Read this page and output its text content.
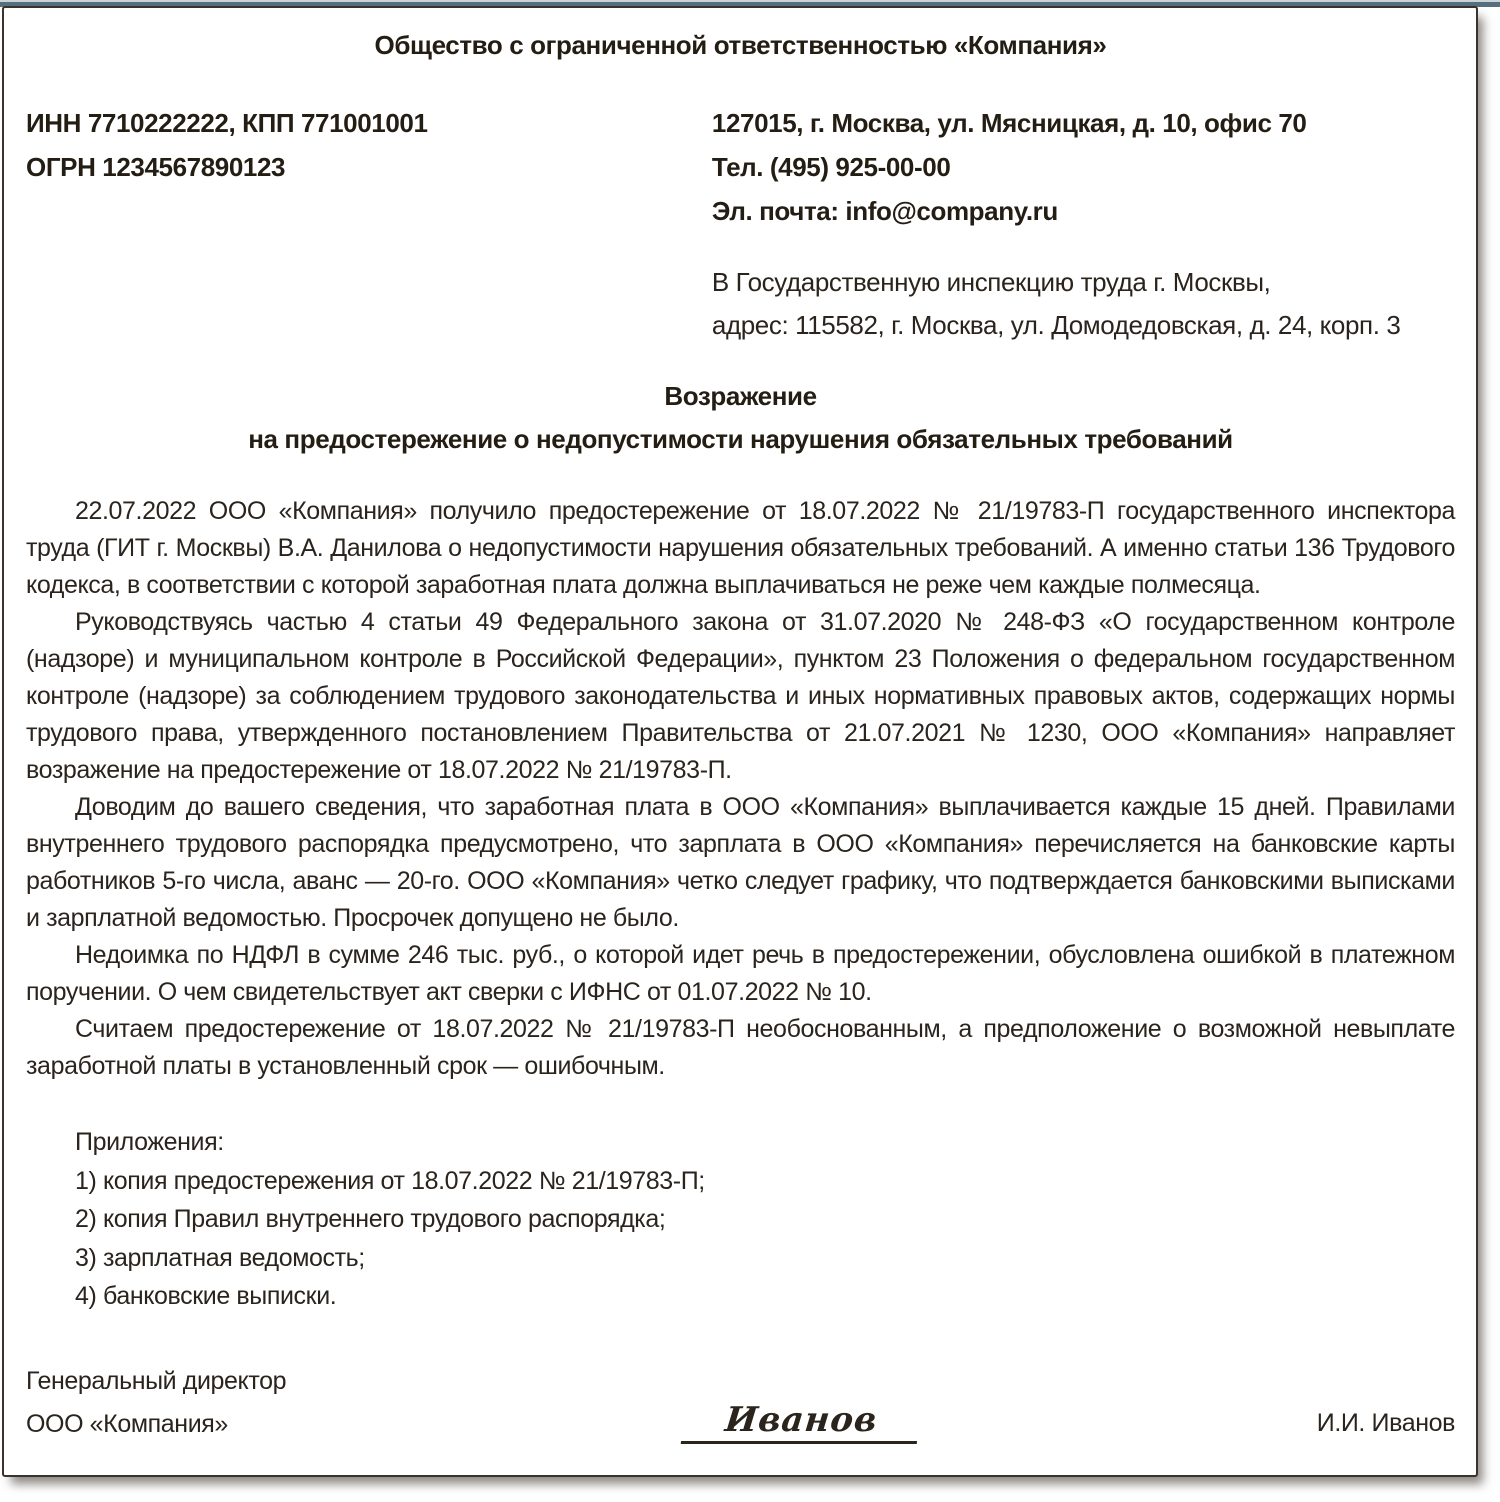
Общество с ограниченной ответственностью «Компания»
ИНН 7710222222, КПП 771001001
ОГРН 1234567890123
127015, г. Москва, ул. Мясницкая, д. 10, офис 70
Тел. (495) 925-00-00
Эл. почта: info@company.ru
В Государственную инспекцию труда г. Москвы,
адрес: 115582, г. Москва, ул. Домодедовская, д. 24, корп. 3
Возражение
на предостережение о недопустимости нарушения обязательных требований

22.07.2022 ООО «Компания» получило предостережение от 18.07.2022 № 21/19783-П государственного инспектора труда (ГИТ г. Москвы) В.А. Данилова о недопустимости нарушения обязательных требований. А именно статьи 136 Трудового кодекса, в соответствии с которой заработная плата должна выплачиваться не реже чем каждые полмесяца.

Руководствуясь частью 4 статьи 49 Федерального закона от 31.07.2020 № 248-ФЗ «О государственном контроле (надзоре) и муниципальном контроле в Российской Федерации», пунктом 23 Положения о федеральном государственном контроле (надзоре) за соблюдением трудового законодательства и иных нормативных правовых актов, содержащих нормы трудового права, утвержденного постановлением Правительства от 21.07.2021 № 1230, ООО «Компания» направляет возражение на предостережение от 18.07.2022 № 21/19783-П.

Доводим до вашего сведения, что заработная плата в ООО «Компания» выплачивается каждые 15 дней. Правилами внутреннего трудового распорядка предусмотрено, что зарплата в ООО «Компания» перечисляется на банковские карты работников 5-го числа, аванс — 20-го. ООО «Компания» четко следует графику, что подтверждается банковскими выписками и зарплатной ведомостью. Просрочек допущено не было.

Недоимка по НДФЛ в сумме 246 тыс. руб., о которой идет речь в предостережении, обусловлена ошибкой в платежном поручении. О чем свидетельствует акт сверки с ИФНС от 01.07.2022 № 10.

Считаем предостережение от 18.07.2022 № 21/19783-П необоснованным, а предположение о возможной невыплате заработной платы в установленный срок — ошибочным.

Приложения:
1) копия предостережения от 18.07.2022 № 21/19783-П;
2) копия Правил внутреннего трудового распорядка;
3) зарплатная ведомость;
4) банковские выписки.
Генеральный директор
ООО «Компания»	Иванов	И.И. Иванов
